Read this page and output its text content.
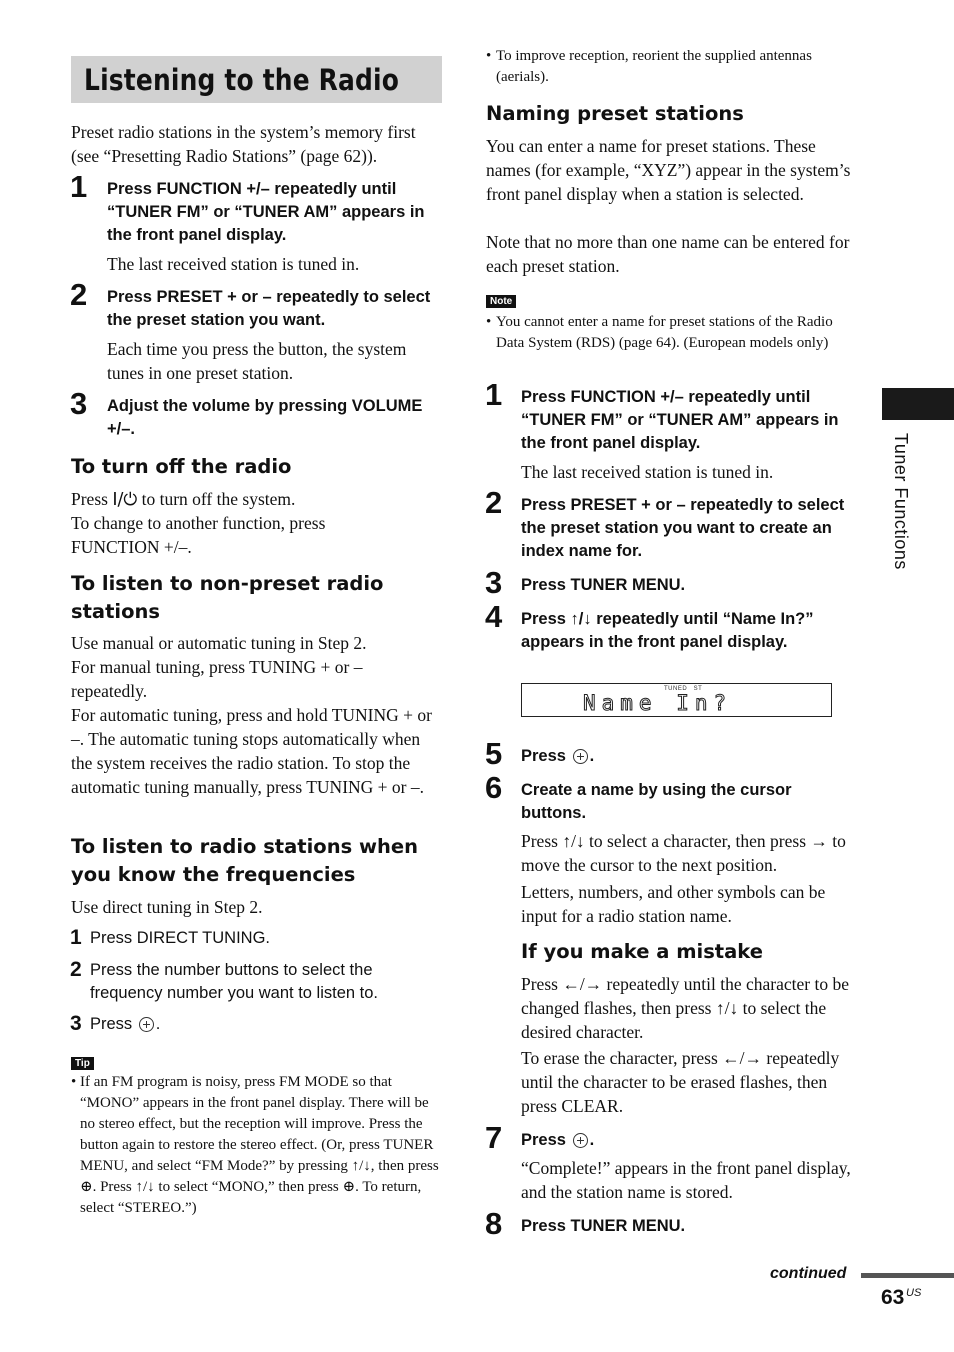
Listening to the Radio
Preset radio stations in the system’s memory first (see “Presetting Radio Stations” (page 62)).
1 Press FUNCTION +/– repeatedly until “TUNER FM” or “TUNER AM” appears in the front panel display.
The last received station is tuned in.
2 Press PRESET + or – repeatedly to select the preset station you want.
Each time you press the button, the system tunes in one preset station.
3 Adjust the volume by pressing VOLUME +/–.
To turn off the radio
Press I/⏻ to turn off the system.
To change to another function, press FUNCTION +/–.
To listen to non-preset radio stations
Use manual or automatic tuning in Step 2.
For manual tuning, press TUNING + or – repeatedly.
For automatic tuning, press and hold TUNING + or –. The automatic tuning stops automatically when the system receives the radio station. To stop the automatic tuning manually, press TUNING + or –.
To listen to radio stations when you know the frequencies
Use direct tuning in Step 2.
1 Press DIRECT TUNING.
2 Press the number buttons to select the frequency number you want to listen to.
3 Press .
Tip
• If an FM program is noisy, press FM MODE so that “MONO” appears in the front panel display. There will be no stereo effect, but the reception will improve. Press the button again to restore the stereo effect. (Or, press TUNER MENU, and select “FM Mode?” by pressing ↑/↓, then press ⊕. Press ↑/↓ to select “MONO,” then press ⊕. To return, select “STEREO.”)
• To improve reception, reorient the supplied antennas (aerials).
Naming preset stations
You can enter a name for preset stations. These names (for example, “XYZ”) appear in the system’s front panel display when a station is selected.
Note that no more than one name can be entered for each preset station.
Note
• You cannot enter a name for preset stations of the Radio Data System (RDS) (page 64). (European models only)
1 Press FUNCTION +/– repeatedly until “TUNER FM” or “TUNER AM” appears in the front panel display.
The last received station is tuned in.
2 Press PRESET + or – repeatedly to select the preset station you want to create an index name for.
3 Press TUNER MENU.
4 Press ↑/↓ repeatedly until “Name In?” appears in the front panel display.
TUNED   ST
Name In?
5 Press .
6 Create a name by using the cursor buttons.
Press ↑/↓ to select a character, then press → to move the cursor to the next position.
Letters, numbers, and other symbols can be input for a radio station name.
If you make a mistake
Press ←/→ repeatedly until the character to be changed flashes, then press ↑/↓ to select the desired character.
To erase the character, press ←/→ repeatedly until the character to be erased flashes, then press CLEAR.
7 Press .
“Complete!” appears in the front panel display, and the station name is stored.
8 Press TUNER MENU.
Tuner Functions
continued
63 US
